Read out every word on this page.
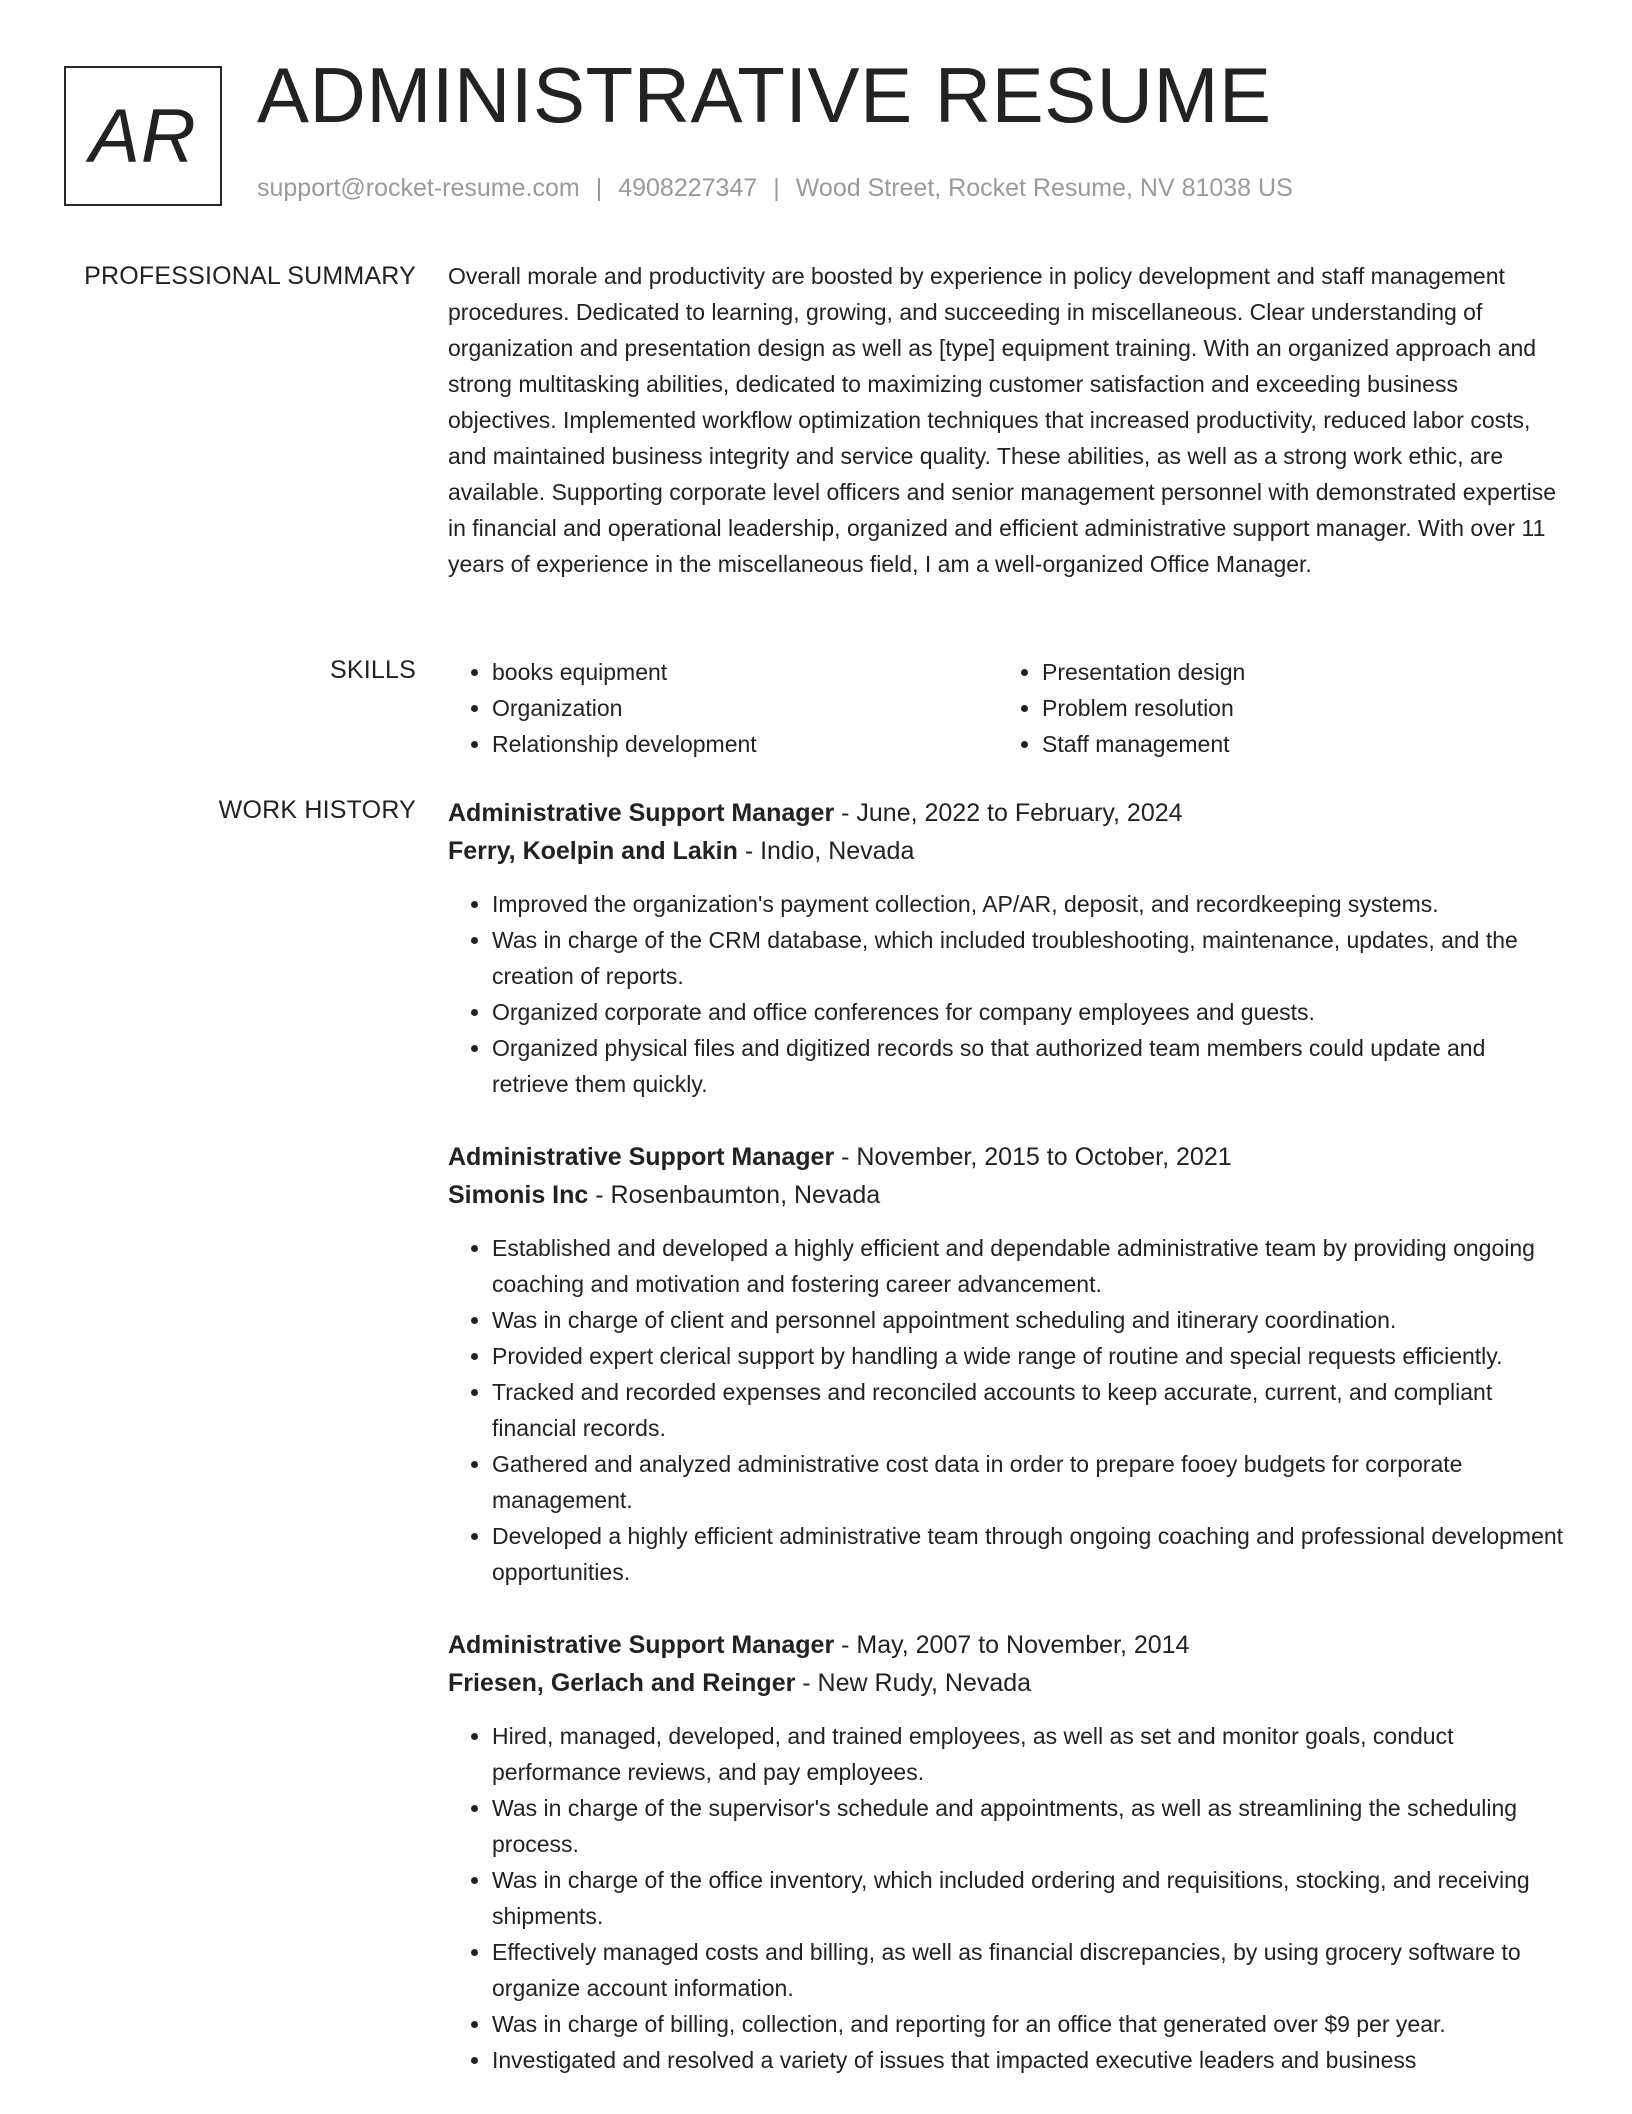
AR ADMINISTRATIVE RESUME
support@rocket-resume.com | 4908227347 | Wood Street, Rocket Resume, NV 81038 US
PROFESSIONAL SUMMARY Overall morale and productivity are boosted by experience in policy development and staff management procedures. Dedicated to learning, growing, and succeeding in miscellaneous. Clear understanding of organization and presentation design as well as [type] equipment training. With an organized approach and strong multitasking abilities, dedicated to maximizing customer satisfaction and exceeding business objectives. Implemented workflow optimization techniques that increased productivity, reduced labor costs, and maintained business integrity and service quality. These abilities, as well as a strong work ethic, are available. Supporting corporate level officers and senior management personnel with demonstrated expertise in financial and operational leadership, organized and efficient administrative support manager. With over 11 years of experience in the miscellaneous field, I am a well-organized Office Manager.
SKILLS
•	books equipment
• Organization
• Relationship development
• Presentation design
• Problem resolution
• Staff management
WORK HISTORY Administrative Support Manager - June, 2022 to February, 2024
Ferry, Koelpin and Lakin - Indio, Nevada
• Improved the organization's payment collection, AP/AR, deposit, and recordkeeping systems.
• Was in charge of the CRM database, which included troubleshooting, maintenance, updates, and the creation of reports.
• Organized corporate and office conferences for company employees and guests.
• Organized physical files and digitized records so that authorized team members could update and retrieve them quickly.
Administrative Support Manager - November, 2015 to October, 2021
Simonis Inc - Rosenbaumton, Nevada
• Established and developed a highly efficient and dependable administrative team by providing ongoing coaching and motivation and fostering career advancement.
• Was in charge of client and personnel appointment scheduling and itinerary coordination.
• Provided expert clerical support by handling a wide range of routine and special requests efficiently.
• Tracked and recorded expenses and reconciled accounts to keep accurate, current, and compliant financial records.
• Gathered and analyzed administrative cost data in order to prepare fooey budgets for corporate management.
• Developed a highly efficient administrative team through ongoing coaching and professional development opportunities.
Administrative Support Manager - May, 2007 to November, 2014
Friesen, Gerlach and Reinger - New Rudy, Nevada
• Hired, managed, developed, and trained employees, as well as set and monitor goals, conduct performance reviews, and pay employees.
• Was in charge of the supervisor's schedule and appointments, as well as streamlining the scheduling process.
• Was in charge of the office inventory, which included ordering and requisitions, stocking, and receiving shipments.
• Effectively managed costs and billing, as well as financial discrepancies, by using grocery software to organize account information.
• Was in charge of billing, collection, and reporting for an office that generated over $9 per year.
• Investigated and resolved a variety of issues that impacted executive leaders and business
